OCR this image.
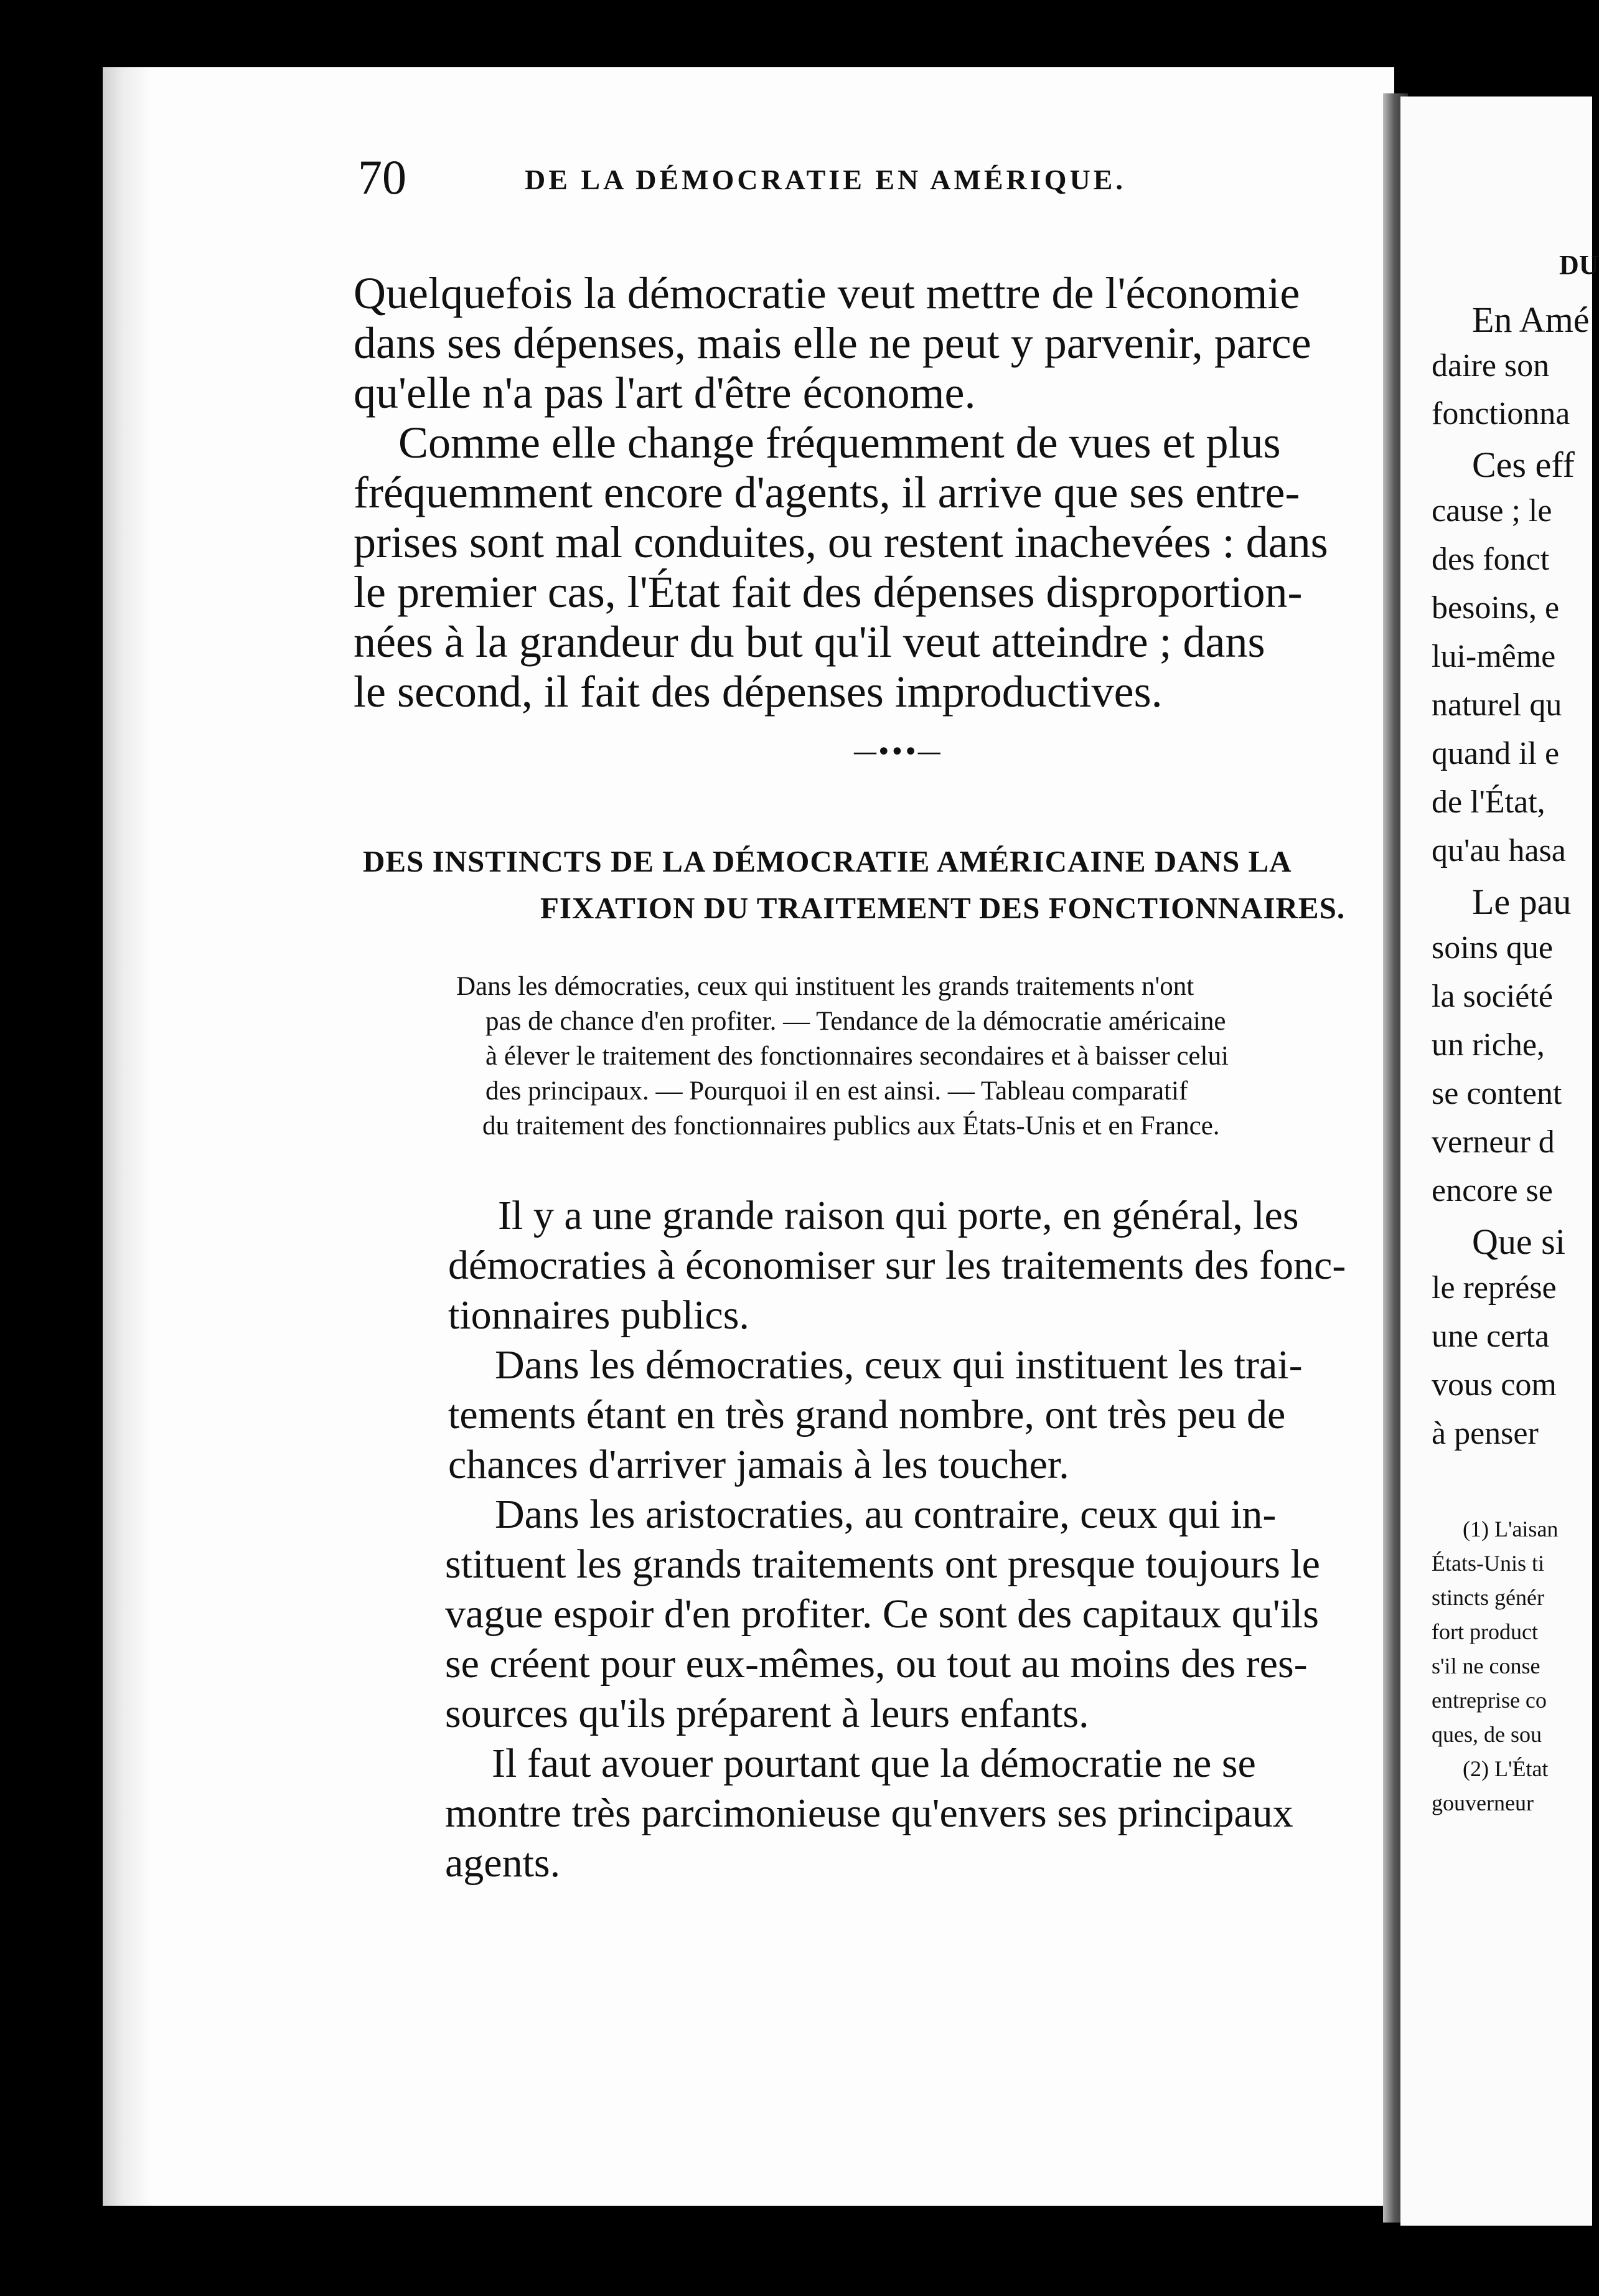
70	DE LA DÉMOCRATIE EN AMÉRIQUE.
Quelquefois la démocratie veut mettre de l'économie
dans ses dépenses, mais elle ne peut y parvenir, parce
qu'elle n'a pas l'art d'être économe.
Comme elle change fréquemment de vues et plus
fréquemment encore d'agents, il arrive que ses entre-
prises sont mal conduites, ou restent inachevées : dans
le premier cas, l'État fait des dépenses disproportion-
nées à la grandeur du but qu'il veut atteindre ; dans
le second, il fait des dépenses improductives.
—•••—
DES INSTINCTS DE LA DÉMOCRATIE AMÉRICAINE DANS LA
FIXATION DU TRAITEMENT DES FONCTIONNAIRES.
Dans les démocraties, ceux qui instituent les grands traitements n'ont
pas de chance d'en profiter. — Tendance de la démocratie américaine
à élever le traitement des fonctionnaires secondaires et à baisser celui
des principaux. — Pourquoi il en est ainsi. — Tableau comparatif
du traitement des fonctionnaires publics aux États-Unis et en France.
Il y a une grande raison qui porte, en général, les
démocraties à économiser sur les traitements des fonc-
tionnaires publics.
Dans les démocraties, ceux qui instituent les trai-
tements étant en très grand nombre, ont très peu de
chances d'arriver jamais à les toucher.
Dans les aristocraties, au contraire, ceux qui in-
stituent les grands traitements ont presque toujours le
vague espoir d'en profiter. Ce sont des capitaux qu'ils
se créent pour eux-mêmes, ou tout au moins des res-
sources qu'ils préparent à leurs enfants.
Il faut avouer pourtant que la démocratie ne se
montre très parcimonieuse qu'envers ses principaux
agents.
DU
En Amé
daire son
fonctionna
Ces eff
cause ; le
des fonct
besoins, e
lui-même
naturel qu
quand il e
de l'État,
qu'au hasa
Le pau
soins que
la société
un riche,
se content
verneur d
encore se
Que si
le représe
une certa
vous com
à penser
(1) L'aisan
États-Unis ti
stincts génér
fort product
s'il ne conse
entreprise co
ques, de sou
(2) L'État
gouverneur
